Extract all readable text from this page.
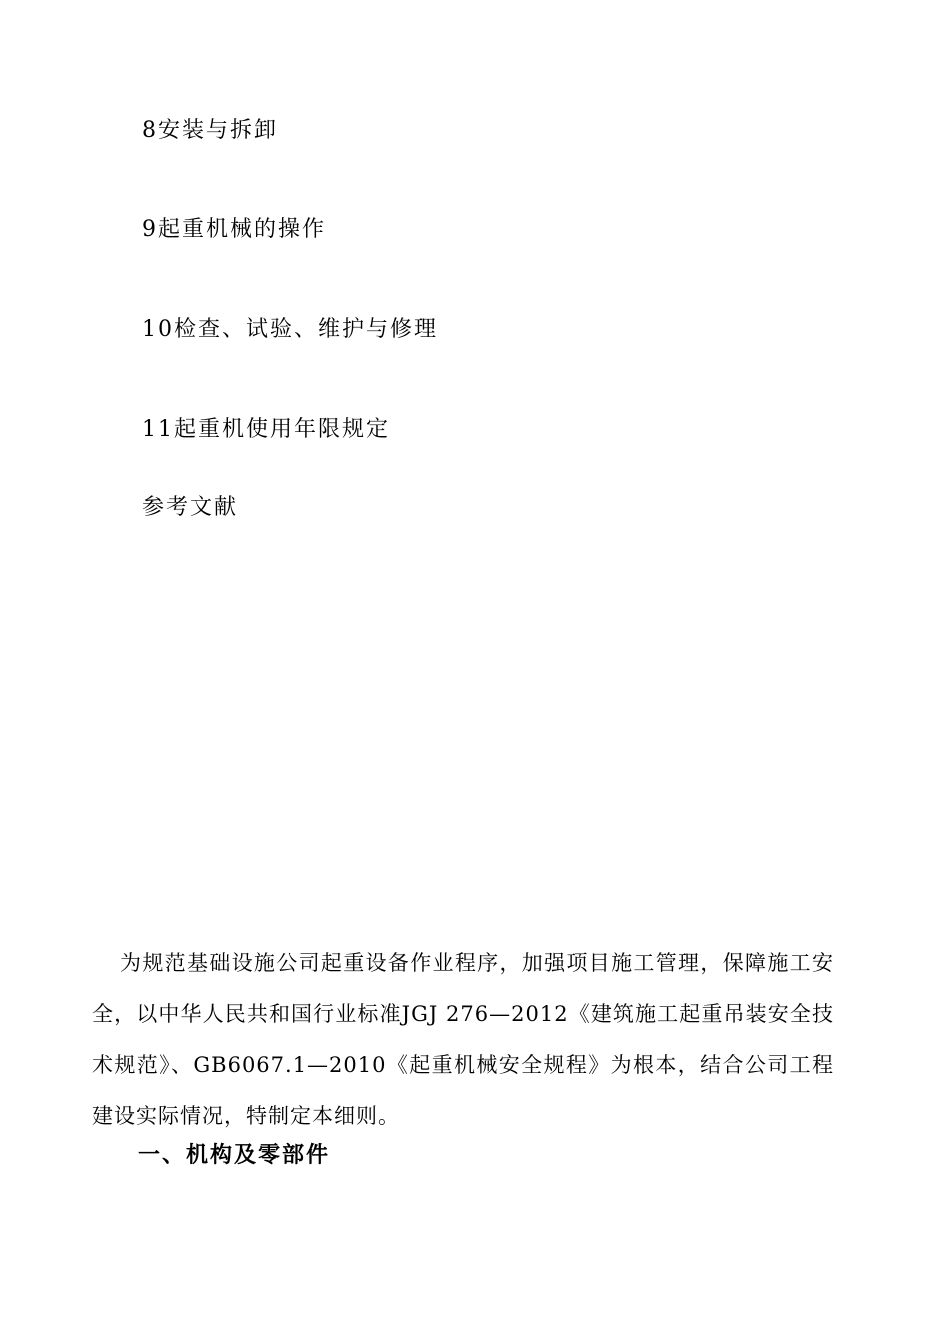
8安装与拆卸
9起重机械的操作
10检查、试验、维护与修理
11起重机使用年限规定
参考文献

为规范基础设施公司起重设备作业程序，加强项目施工管理，保障施工安全，以中华人民共和国行业标准JGJ 276—2012《建筑施工起重吊装安全技术规范》、GB6067.1—2010《起重机械安全规程》为根本，结合公司工程建设实际情况，特制定本细则。

一、机构及零部件
